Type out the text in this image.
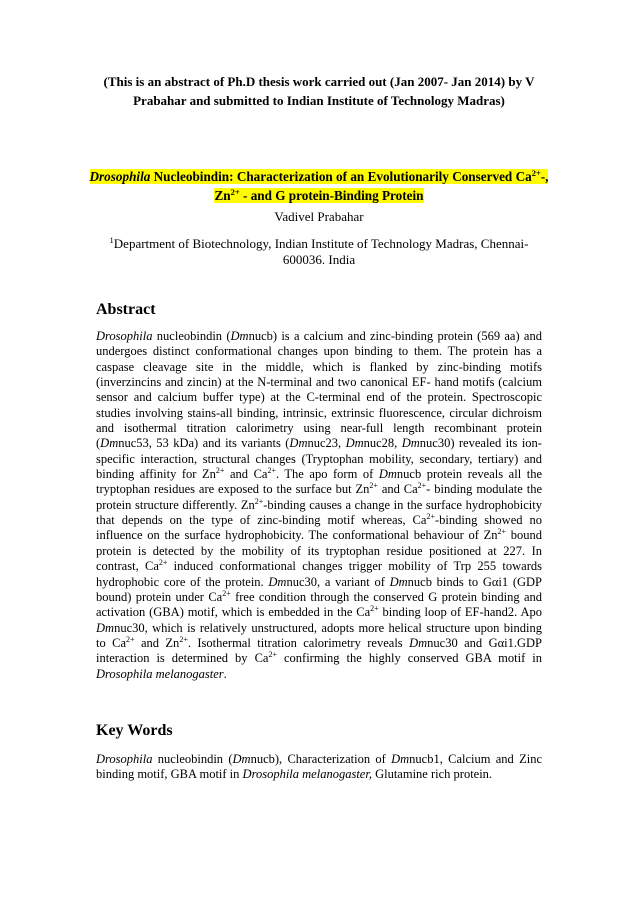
(This is an abstract of Ph.D thesis work carried out (Jan 2007- Jan 2014) by V Prabahar and submitted to Indian Institute of Technology Madras)
Drosophila Nucleobindin: Characterization of an Evolutionarily Conserved $Ca^{2+}-$, $Zn^{2+}$ - and G protein-Binding Protein
Vadivel Prabahar
$^1$Department of Biotechnology, Indian Institute of Technology Madras, Chennai-600036. India
Abstract
Drosophila nucleobindin (Dmnucb) is a calcium and zinc-binding protein (569 aa) and undergoes distinct conformational changes upon binding to them. The protein has a caspase cleavage site in the middle, which is flanked by zinc-binding motifs (inverzincins and zincin) at the N-terminal and two canonical EF- hand motifs (calcium sensor and calcium buffer type) at the C-terminal end of the protein. Spectroscopic studies involving stains-all binding, intrinsic, extrinsic fluorescence, circular dichroism and isothermal titration calorimetry using near-full length recombinant protein (Dmnuc53, 53 kDa) and its variants (Dmnuc23, Dmnuc28, Dmnuc30) revealed its ion-specific interaction, structural changes (Tryptophan mobility, secondary, tertiary) and binding affinity for $Zn^{2+}$ and $Ca^{2+}$. The apo form of Dmnucb protein reveals all the tryptophan residues are exposed to the surface but $Zn^{2+}$ and $Ca^{2+}-$ binding modulate the protein structure differently. $Zn^{2+}$-binding causes a change in the surface hydrophobicity that depends on the type of zinc-binding motif whereas, $Ca^{2+}$-binding showed no influence on the surface hydrophobicity. The conformational behaviour of $Zn^{2+}$ bound protein is detected by the mobility of its tryptophan residue positioned at 227. In contrast, $Ca^{2+}$ induced conformational changes trigger mobility of Trp 255 towards hydrophobic core of the protein. Dmnuc30, a variant of Dmnucb binds to Gαi1 (GDP bound) protein under $Ca^{2+}$ free condition through the conserved G protein binding and activation (GBA) motif, which is embedded in the $Ca^{2+}$ binding loop of EF-hand2. Apo Dmnuc30, which is relatively unstructured, adopts more helical structure upon binding to $Ca^{2+}$ and $Zn^{2+}$. Isothermal titration calorimetry reveals Dmnuc30 and Gαi1.GDP interaction is determined by $Ca^{2+}$ confirming the highly conserved GBA motif in Drosophila melanogaster.
Key Words
Drosophila nucleobindin (Dmnucb), Characterization of Dmnucb1, Calcium and Zinc binding motif, GBA motif in Drosophila melanogaster, Glutamine rich protein.
